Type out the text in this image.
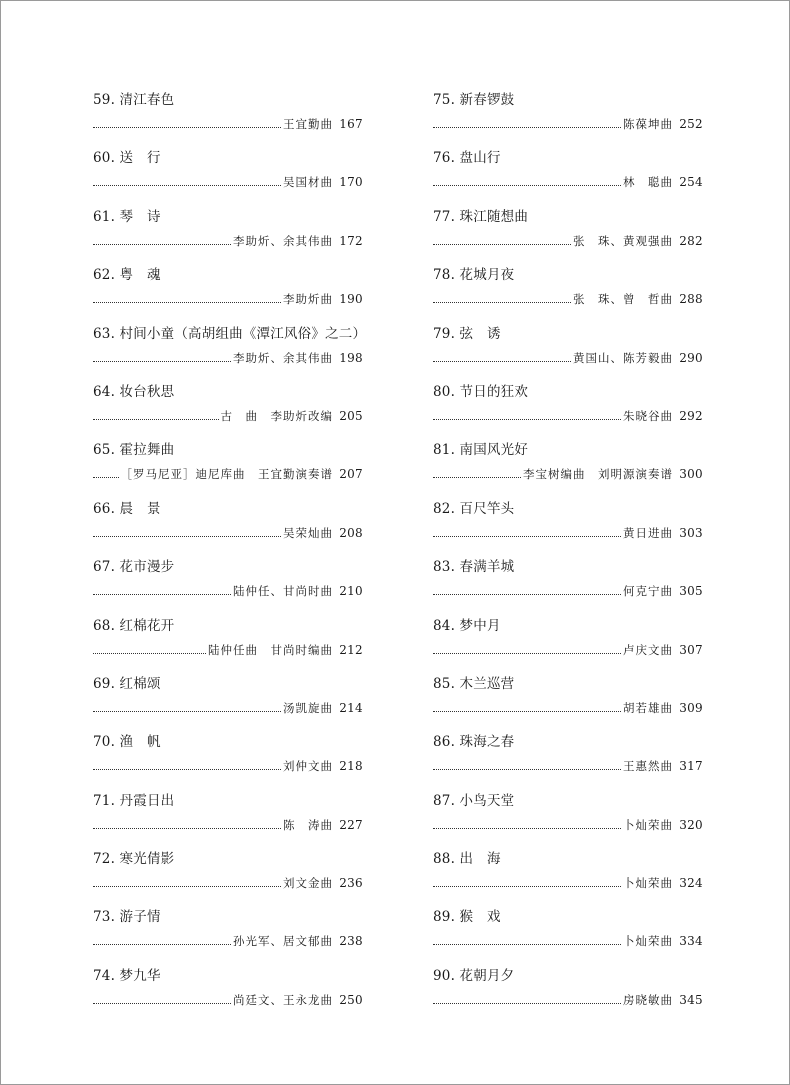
59. 清江春色
王宜勤曲 167
60. 送　行
吴国材曲 170
61. 琴　诗
李助炘、余其伟曲 172
62. 粤　魂
李助炘曲 190
63. 村间小童（高胡组曲《潭江风俗》之二）
李助炘、余其伟曲 198
64. 妆台秋思
古　曲　李助炘改编 205
65. 霍拉舞曲
［罗马尼亚］迪尼库曲　王宜勤演奏谱 207
66. 晨　景
吴荣灿曲 208
67. 花市漫步
陆仲任、甘尚时曲 210
68. 红棉花开
陆仲任曲　甘尚时编曲 212
69. 红棉颂
汤凯旋曲 214
70. 渔　帆
刘仲文曲 218
71. 丹霞日出
陈　涛曲 227
72. 寒光倩影
刘文金曲 236
73. 游子情
孙光军、居文郁曲 238
74. 梦九华
尚廷文、王永龙曲 250
75. 新春锣鼓
陈葆坤曲 252
76. 盘山行
林　聪曲 254
77. 珠江随想曲
张　珠、黄观强曲 282
78. 花城月夜
张　珠、曾　哲曲 288
79. 弦　诱
黄国山、陈芳毅曲 290
80. 节日的狂欢
朱晓谷曲 292
81. 南国风光好
李宝树编曲　刘明源演奏谱 300
82. 百尺竿头
黄日进曲 303
83. 春满羊城
何克宁曲 305
84. 梦中月
卢庆文曲 307
85. 木兰巡营
胡若雄曲 309
86. 珠海之春
王惠然曲 317
87. 小鸟天堂
卜灿荣曲 320
88. 出　海
卜灿荣曲 324
89. 猴　戏
卜灿荣曲 334
90. 花朝月夕
房晓敏曲 345
